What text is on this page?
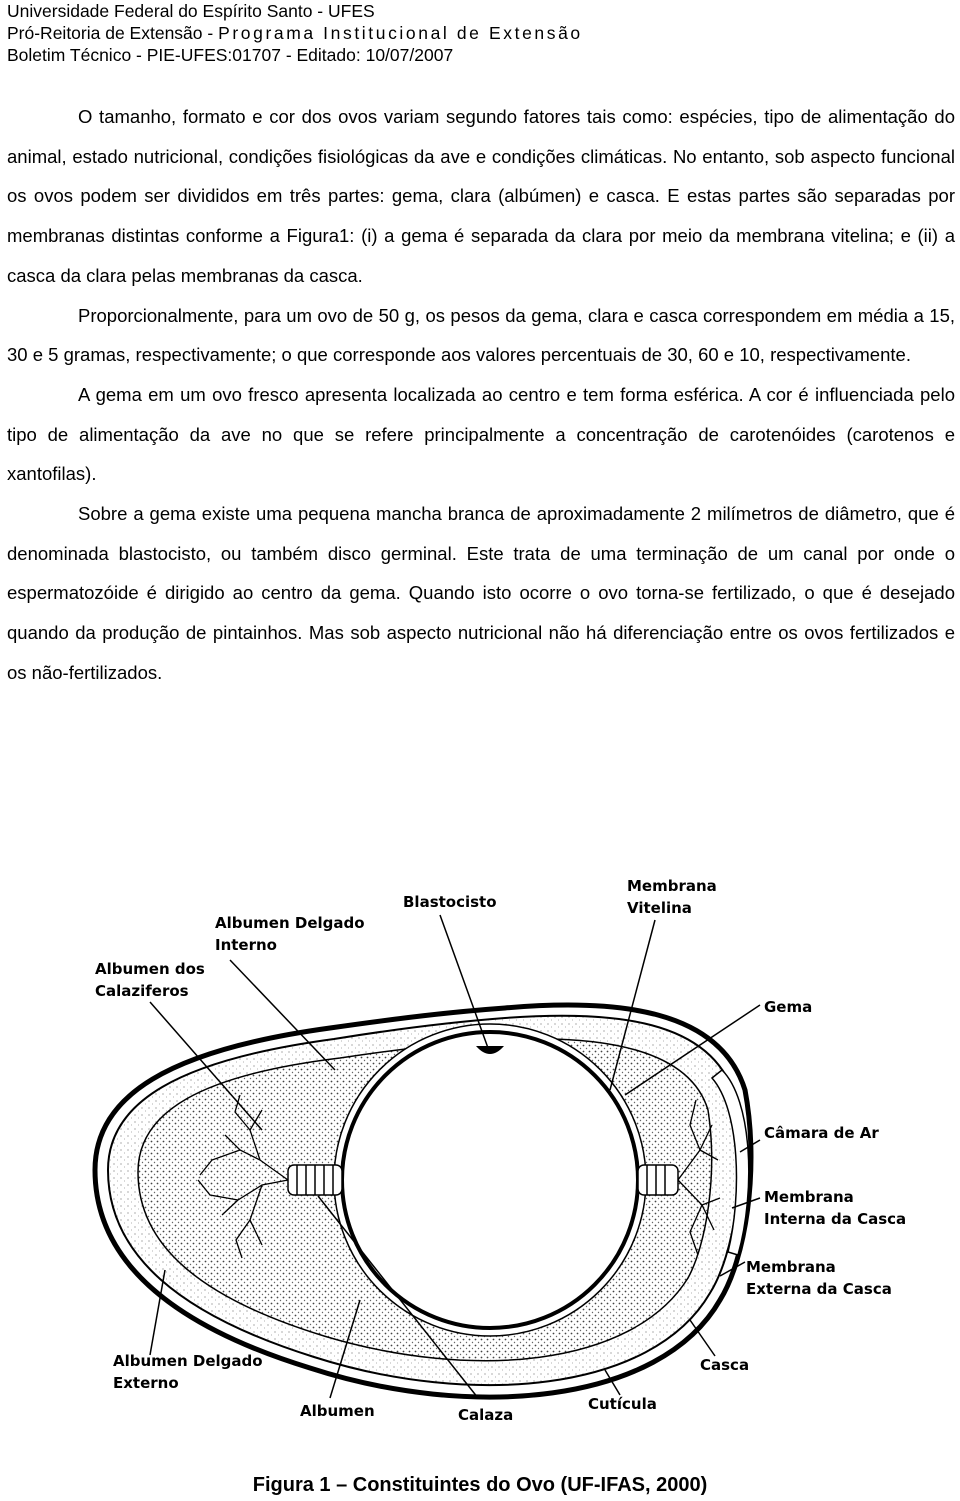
Universidade Federal do Espírito Santo - UFES
Pró-Reitoria de Extensão - Programa Institucional de Extensão
Boletim Técnico - PIE-UFES:01707 - Editado: 10/07/2007

O tamanho, formato e cor dos ovos variam segundo fatores tais como: espécies, tipo de alimentação do animal, estado nutricional, condições fisiológicas da ave e condições climáticas. No entanto, sob aspecto funcional os ovos podem ser divididos em três partes: gema, clara (albúmen) e casca. E estas partes são separadas por membranas distintas conforme a Figura1: (i) a gema é separada da clara por meio da membrana vitelina; e (ii) a casca da clara pelas membranas da casca.

Proporcionalmente, para um ovo de 50 g, os pesos da gema, clara e casca correspondem em média a 15, 30 e 5 gramas, respectivamente; o que corresponde aos valores percentuais de 30, 60 e 10, respectivamente.

A gema em um ovo fresco apresenta localizada ao centro e tem forma esférica. A cor é influenciada pelo tipo de alimentação da ave no que se refere principalmente a concentração de carotenóides (carotenos e xantofilas).

Sobre a gema existe uma pequena mancha branca de aproximadamente 2 milímetros de diâmetro, que é denominada blastocisto, ou também disco germinal. Este trata de uma terminação de um canal por onde o espermatozóide é dirigido ao centro da gema. Quando isto ocorre o ovo torna-se fertilizado, o que é desejado quando da produção de pintainhos. Mas sob aspecto nutricional não há diferenciação entre os ovos fertilizados e os não-fertilizados.

Albumen Delgado
Interno
Blastocisto
Membrana
Vitelina
Albumen dos
Calaziferos
Gema
Câmara de Ar
Membrana
Interna da Casca
Membrana
Externa da Casca
Albumen Delgado
Externo
Casca
Cutícula
Albumen	Calaza
Figura 1 – Constituintes do Ovo (UF-IFAS, 2000)
